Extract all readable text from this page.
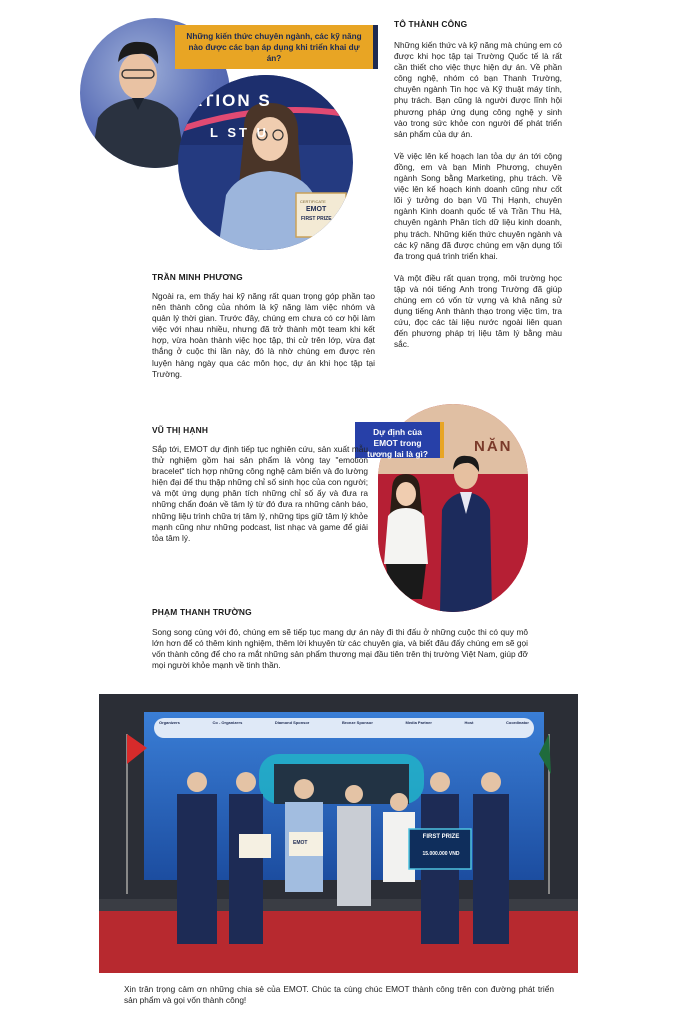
ATION S
L ST U
CERTIFICATE
EMOT
FIRST PRIZE
Những kiến thức chuyên ngành, các kỹ năng nào được các bạn áp dụng khi triển khai dự án?
TÔ THÀNH CÔNG

Những kiến thức và kỹ năng mà chúng em có được khi học tập tại Trường Quốc tế là rất cần thiết cho việc thực hiện dự án. Về phần công nghệ, nhóm có bạn Thanh Trường, chuyên ngành Tin học và Kỹ thuật máy tính, phụ trách. Bạn cũng là người được lĩnh hội phương pháp ứng dụng công nghệ y sinh vào trong sức khỏe con người để phát triển sản phẩm của dự án.

Về việc lên kế hoạch lan tỏa dự án tới cộng đồng, em và bạn Minh Phương, chuyên ngành Song bằng Marketing, phụ trách. Về việc lên kế hoạch kinh doanh cũng như cốt lõi ý tưởng do bạn Vũ Thị Hạnh, chuyên ngành Kinh doanh quốc tế và Trần Thu Hà, chuyên ngành Phân tích dữ liệu kinh doanh, phụ trách. Những kiến thức chuyên ngành và các kỹ năng đã được chúng em vận dụng tối đa trong quá trình triển khai.

Và một điều rất quan trọng, môi trường học tập và nói tiếng Anh trong Trường đã giúp chúng em có vốn từ vựng và khả năng sử dụng tiếng Anh thành thạo trong việc tìm, tra cứu, đọc các tài liệu nước ngoài liên quan đến phương pháp trị liệu tâm lý bằng màu sắc.

TRẦN MINH PHƯƠNG

Ngoài ra, em thấy hai kỹ năng rất quan trọng góp phần tạo nên thành công của nhóm là kỹ năng làm việc nhóm và quản lý thời gian. Trước đây, chúng em chưa có cơ hội làm việc với nhau nhiều, nhưng đã trở thành một team khi kết hợp, vừa hoàn thành việc học tập, thi cử trên lớp, vừa đạt thắng ở cuộc thi lần này, đó là nhờ chúng em được rèn luyện hàng ngày qua các môn học, dự án khi học tập tại Trường.

NĂN
Dự định của EMOT trong tương lai là gì?
VŨ THỊ HẠNH

Sắp tới, EMOT dự định tiếp tục nghiên cứu, sản xuất mẫu thử nghiệm gồm hai sản phẩm là vòng tay "emotion bracelet" tích hợp những công nghệ cảm biến và đo lường hiện đại để thu thập những chỉ số sinh học của con người; và một ứng dụng phân tích những chỉ số ấy và đưa ra những chẩn đoán về tâm lý từ đó đưa ra những cảnh báo, những liệu trình chữa trị tâm lý, những tips giữ tâm lý khỏe mạnh cũng như những podcast, list nhạc và game để giải tỏa tâm lý.

PHẠM THANH TRƯỜNG

Song song cùng với đó, chúng em sẽ tiếp tục mang dự án này đi thi đấu ở những cuộc thi có quy mô lớn hơn để có thêm kinh nghiệm, thêm lời khuyên từ các chuyên gia, và biết đâu đấy chúng em sẽ gọi vốn thành công để cho ra mắt những sản phẩm thương mại đầu tiên trên thị trường Việt Nam, giúp đỡ mọi người khỏe mạnh về tinh thần.

Organizers	Co - Organizers	Diamond Sponsor	Bronze Sponsor	Media Partner	Host	Coordinator
FIRST PRIZE
15.000.000 VND
EMOT

Xin trân trọng cảm ơn những chia sẻ của EMOT. Chúc ta cùng chúc EMOT thành công trên con đường phát triển sản phẩm và gọi vốn thành công!
